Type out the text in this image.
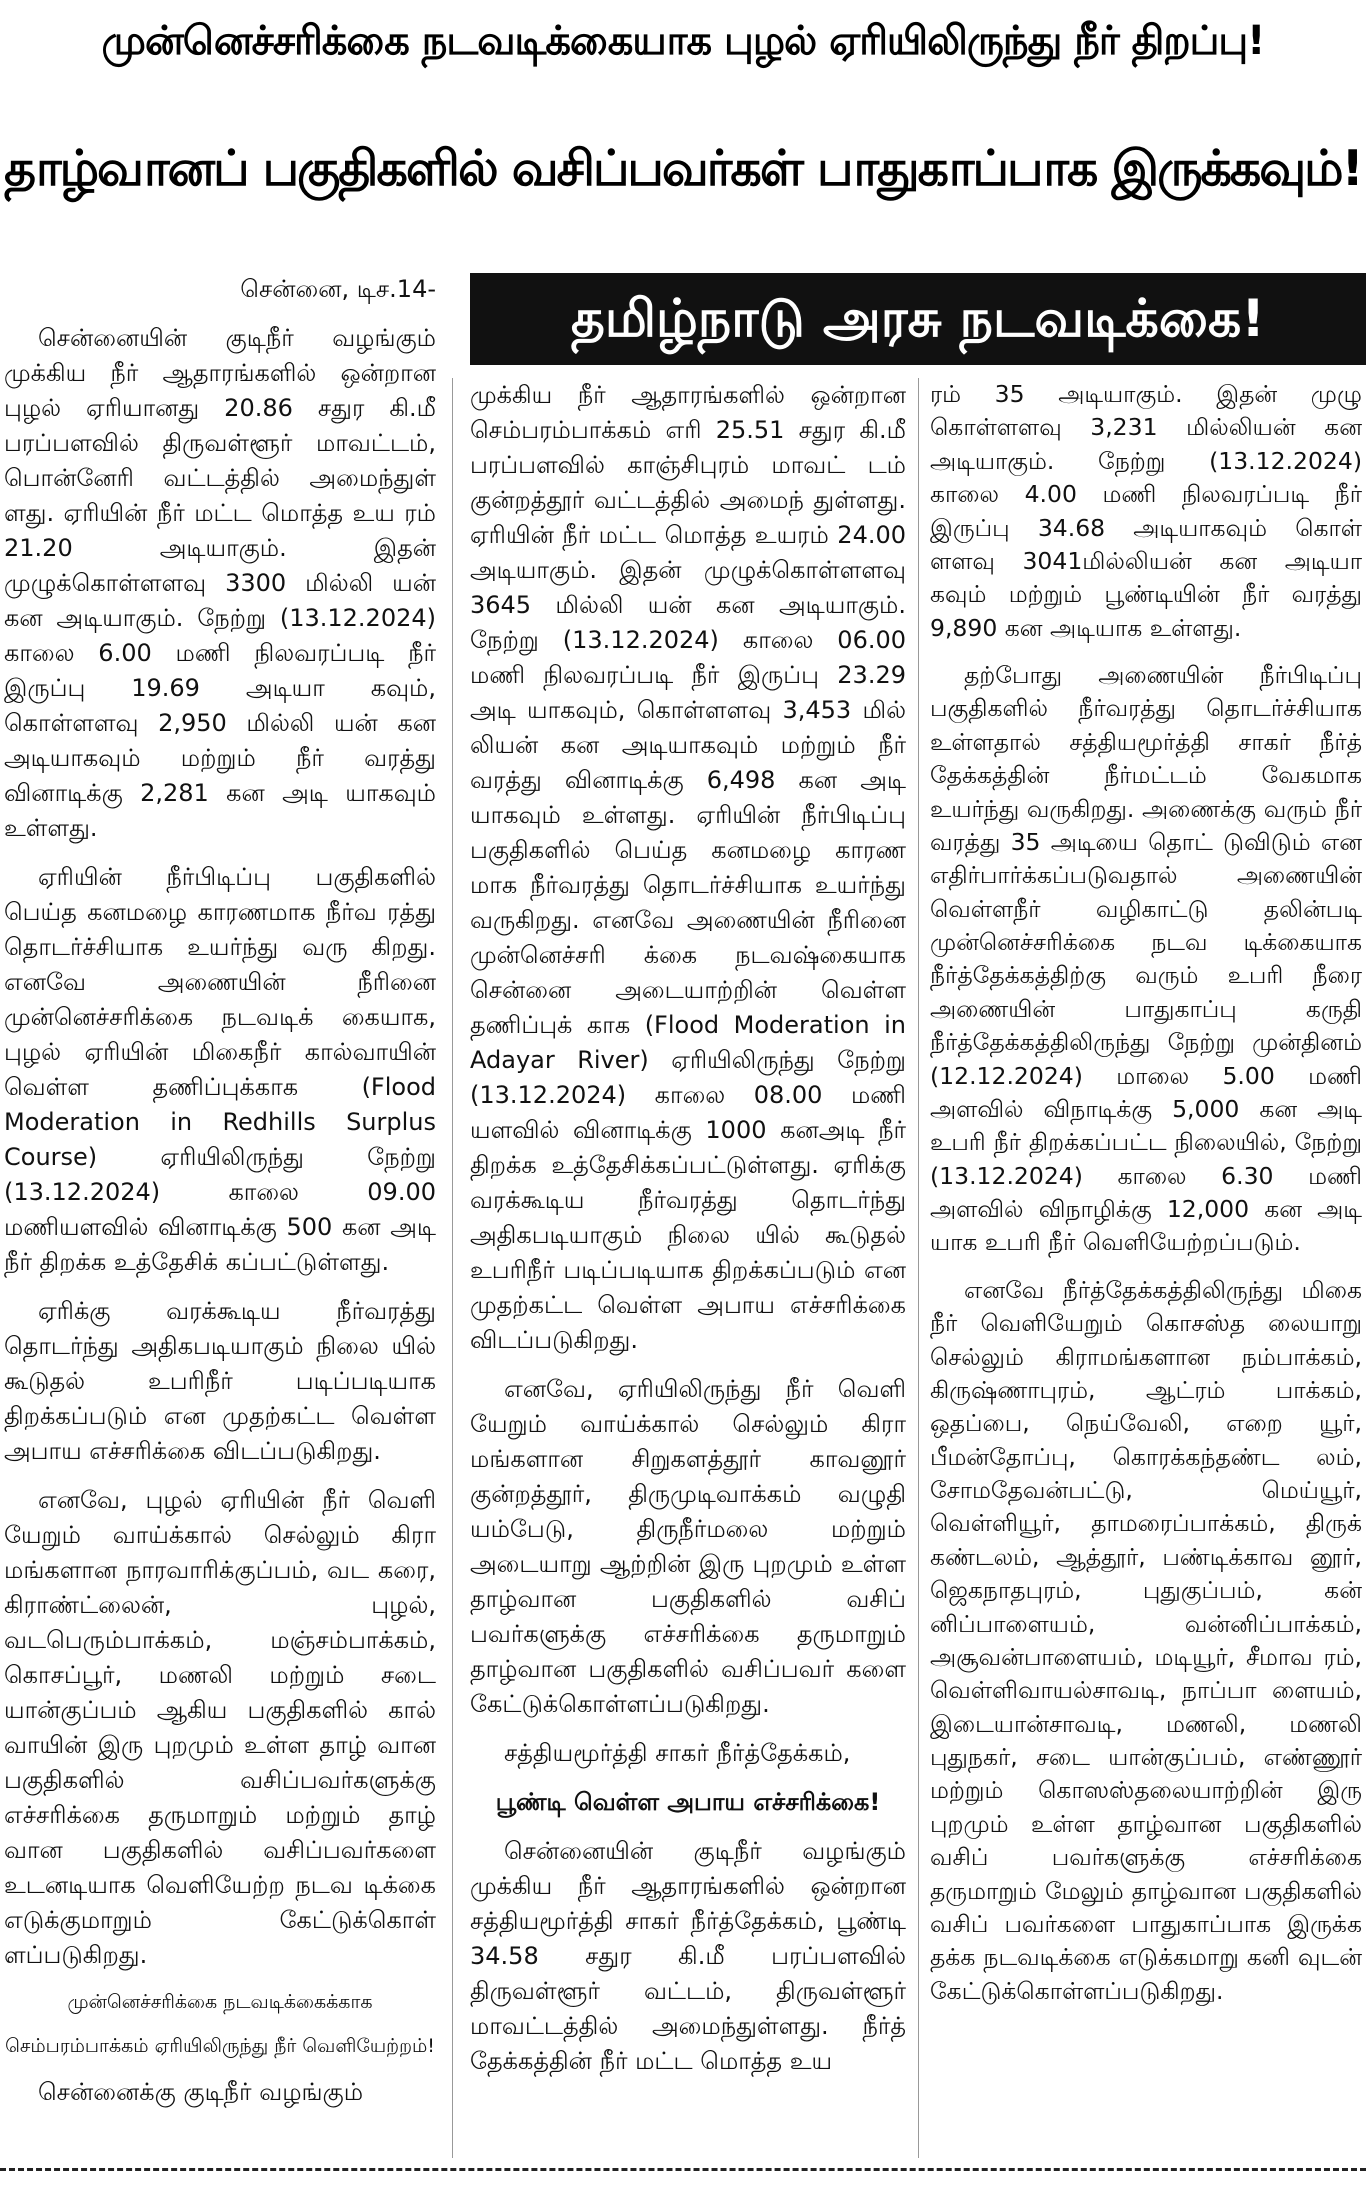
முன்னெச்சரிக்கை நடவடிக்கையாக புழல் ஏரியிலிருந்து நீர் திறப்பு!
தாழ்வானப் பகுதிகளில் வசிப்பவர்கள் பாதுகாப்பாக இருக்கவும்!
தமிழ்நாடு அரசு நடவடிக்கை!

சென்னை, டிச.14-

சென்னையின் குடிநீர் வழங்கும் முக்கிய நீர் ஆதாரங்களில் ஒன்றான புழல் ஏரியானது 20.86 சதுர கி.மீ பரப்பளவில் திருவள்ளூர் மாவட்டம், பொன்னேரி வட்டத்தில் அமைந்துள் ளது. ஏரியின் நீர் மட்ட மொத்த உய ரம் 21.20 அடியாகும். இதன் முழுக்கொள்ளளவு 3300 மில்லி யன் கன அடியாகும். நேற்று (13.12.2024) காலை 6.00 மணி நிலவரப்படி நீர் இருப்பு 19.69 அடியா கவும், கொள்ளளவு 2,950 மில்லி யன் கன அடியாகவும் மற்றும் நீர் வரத்து வினாடிக்கு 2,281 கன அடி யாகவும் உள்ளது.

ஏரியின் நீர்பிடிப்பு பகுதிகளில் பெய்த கனமழை காரணமாக நீர்வ ரத்து தொடர்ச்சியாக உயர்ந்து வரு கிறது. எனவே அணையின் நீரினை முன்னெச்சரிக்கை நடவடிக் கையாக, புழல் ஏரியின் மிகைநீர் கால்வாயின் வெள்ள தணிப்புக்காக (Flood Moderation in Redhills Surplus Course) ஏரியிலிருந்து நேற்று (13.12.2024) காலை 09.00 மணியளவில் வினாடிக்கு 500 கன அடி நீர் திறக்க உத்தேசிக் கப்பட்டுள்ளது.

ஏரிக்கு வரக்கூடிய நீர்வரத்து தொடர்ந்து அதிகபடியாகும் நிலை யில் கூடுதல் உபரிநீர் படிப்படியாக திறக்கப்படும் என முதற்கட்ட வெள்ள அபாய எச்சரிக்கை விடப்படுகிறது.

எனவே, புழல் ஏரியின் நீர் வெளி யேறும் வாய்க்கால் செல்லும் கிரா மங்களான நாரவாரிக்குப்பம், வட கரை, கிராண்ட்லைன், புழல், வடபெரும்பாக்கம், மஞ்சம்பாக்கம், கொசப்பூர், மணலி மற்றும் சடை யான்குப்பம் ஆகிய பகுதிகளில் கால் வாயின் இரு புறமும் உள்ள தாழ் வான பகுதிகளில் வசிப்பவர்களுக்கு எச்சரிக்கை தருமாறும் மற்றும் தாழ் வான பகுதிகளில் வசிப்பவர்களை உடனடியாக வெளியேற்ற நடவ டிக்கை எடுக்குமாறும் கேட்டுக்கொள் ளப்படுகிறது.

முன்னெச்சரிக்கை நடவடிக்கைக்காக

செம்பரம்பாக்கம் ஏரியிலிருந்து நீர் வெளியேற்றம்!

சென்னைக்கு குடிநீர் வழங்கும்

முக்கிய நீர் ஆதாரங்களில் ஒன்றான செம்பரம்பாக்கம் எரி 25.51 சதுர கி.மீ பரப்பளவில் காஞ்சிபுரம் மாவட் டம் குன்றத்தூர் வட்டத்தில் அமைந் துள்ளது. ஏரியின் நீர் மட்ட மொத்த உயரம் 24.00 அடியாகும். இதன் முழுக்கொள்ளளவு 3645 மில்லி யன் கன அடியாகும். நேற்று (13.12.2024) காலை 06.00 மணி நிலவரப்படி நீர் இருப்பு 23.29 அடி யாகவும், கொள்ளளவு 3,453 மில் லியன் கன அடியாகவும் மற்றும் நீர் வரத்து வினாடிக்கு 6,498 கன அடி யாகவும் உள்ளது. ஏரியின் நீர்பிடிப்பு பகுதிகளில் பெய்த கனமழை காரண மாக நீர்வரத்து தொடர்ச்சியாக உயர்ந்து வருகிறது. எனவே அணையின் நீரினை முன்னெச்சரி க்கை நடவஷ்கையாக சென்னை அடையாற்றின் வெள்ள தணிப்புக் காக (Flood Moderation in Adayar River) ஏரியிலிருந்து நேற்று (13.12.2024) காலை 08.00 மணி யளவில் வினாடிக்கு 1000 கனஅடி நீர் திறக்க உத்தேசிக்கப்பட்டுள்ளது. ஏரிக்கு வரக்கூடிய நீர்வரத்து தொடர்ந்து அதிகபடியாகும் நிலை யில் கூடுதல் உபரிநீர் படிப்படியாக திறக்கப்படும் என முதற்கட்ட வெள்ள அபாய எச்சரிக்கை விடப்படுகிறது.

எனவே, ஏரியிலிருந்து நீர் வெளி யேறும் வாய்க்கால் செல்லும் கிரா மங்களான சிறுகளத்தூர் காவனூர் குன்றத்தூர், திருமுடிவாக்கம் வழுதி யம்பேடு, திருநீர்மலை மற்றும் அடையாறு ஆற்றின் இரு புறமும் உள்ள தாழ்வான பகுதிகளில் வசிப் பவர்களுக்கு எச்சரிக்கை தருமாறும் தாழ்வான பகுதிகளில் வசிப்பவர் களை கேட்டுக்கொள்ளப்படுகிறது.

சத்தியமூர்த்தி சாகர் நீர்த்தேக்கம்,

பூண்டி வெள்ள அபாய எச்சரிக்கை!

சென்னையின் குடிநீர் வழங்கும் முக்கிய நீர் ஆதாரங்களில் ஒன்றான சத்தியமூர்த்தி சாகர் நீர்த்தேக்கம், பூண்டி 34.58 சதுர கி.மீ பரப்பளவில் திருவள்ளூர் வட்டம், திருவள்ளூர் மாவட்டத்தில் அமைந்துள்ளது. நீர்த் தேக்கத்தின் நீர் மட்ட மொத்த உய

ரம் 35 அடியாகும். இதன் முழு கொள்ளளவு 3,231 மில்லியன் கன அடியாகும். நேற்று (13.12.2024) காலை 4.00 மணி நிலவரப்படி நீர் இருப்பு 34.68 அடியாகவும் கொள் ளளவு 3041மில்லியன் கன அடியா கவும் மற்றும் பூண்டியின் நீர் வரத்து 9,890 கன அடியாக உள்ளது.

தற்போது அணையின் நீர்பிடிப்பு பகுதிகளில் நீர்வரத்து தொடர்ச்சியாக உள்ளதால் சத்தியமூர்த்தி சாகர் நீர்த் தேக்கத்தின் நீர்மட்டம் வேகமாக உயர்ந்து வருகிறது. அணைக்கு வரும் நீர் வரத்து 35 அடியை தொட் டுவிடும் என எதிர்பார்க்கப்படுவதால் அணையின் வெள்ளநீர் வழிகாட்டு தலின்படி முன்னெச்சரிக்கை நடவ டிக்கையாக நீர்த்தேக்கத்திற்கு வரும் உபரி நீரை அணையின் பாதுகாப்பு கருதி நீர்த்தேக்கத்திலிருந்து நேற்று முன்தினம் (12.12.2024) மாலை 5.00 மணி அளவில் விநாடிக்கு 5,000 கன அடி உபரி நீர் திறக்கப்பட்ட நிலையில், நேற்று (13.12.2024) காலை 6.30 மணி அளவில் விநாழிக்கு 12,000 கன அடி யாக உபரி நீர் வெளியேற்றப்படும்.

எனவே நீர்த்தேக்கத்திலிருந்து மிகை நீர் வெளியேறும் கொசஸ்த லையாறு செல்லும் கிராமங்களான நம்பாக்கம், கிருஷ்ணாபுரம், ஆட்ரம் பாக்கம், ஒதப்பை, நெய்வேலி, எறை யூர், பீமன்தோப்பு, கொரக்கந்தண்ட லம், சோமதேவன்பட்டு, மெய்யூர், வெள்ளியூர், தாமரைப்பாக்கம், திருக் கண்டலம், ஆத்தூர், பண்டிக்காவ னூர், ஜெகநாதபுரம், புதுகுப்பம், கன் னிப்பாளையம், வன்னிப்பாக்கம், அசூவன்பாளையம், மடியூர், சீமாவ ரம், வெள்ளிவாயல்சாவடி, நாப்பா ளையம், இடையான்சாவடி, மணலி, மணலி புதுநகர், சடை யான்குப்பம், எண்ணூர் மற்றும் கொஸஸ்தலையாற்றின் இரு புறமும் உள்ள தாழ்வான பகுதிகளில் வசிப் பவர்களுக்கு எச்சரிக்கை தருமாறும் மேலும் தாழ்வான பகுதிகளில் வசிப் பவர்களை பாதுகாப்பாக இருக்க தக்க நடவடிக்கை எடுக்கமாறு கனி வுடன் கேட்டுக்கொள்ளப்படுகிறது.
